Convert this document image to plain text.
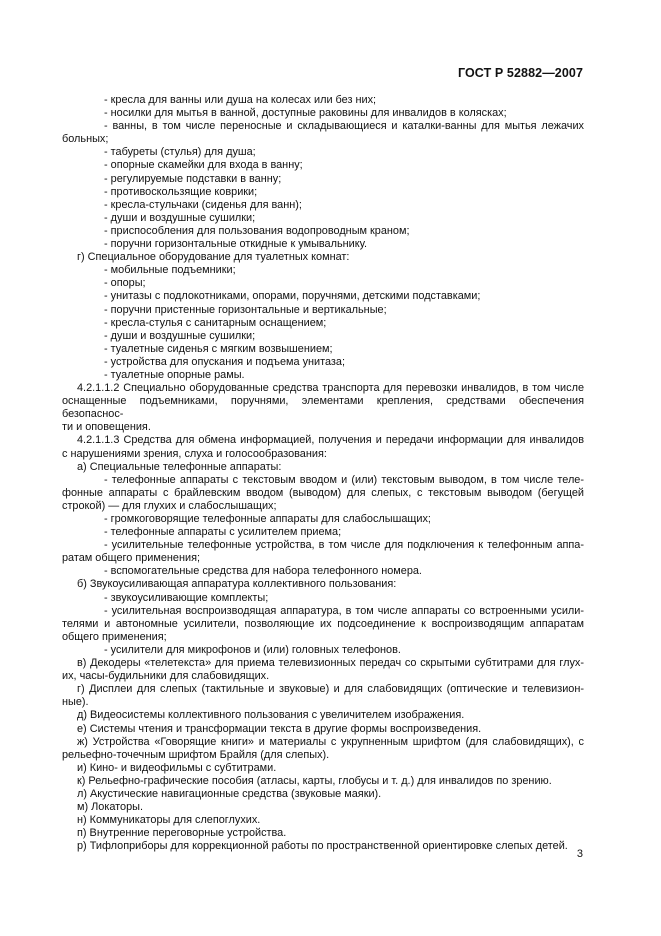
ГОСТ Р 52882—2007
- кресла для ванны или душа на колесах или без них;
- носилки для мытья в ванной, доступные раковины для инвалидов в колясках;
- ванны, в том числе переносные и складывающиеся и каталки-ванны для мытья лежачих
больных;
- табуреты (стулья) для душа;
- опорные скамейки для входа в ванну;
- регулируемые подставки в ванну;
- противоскользящие коврики;
- кресла-стульчаки (сиденья для ванн);
- души и воздушные сушилки;
- приспособления для пользования водопроводным краном;
- поручни горизонтальные откидные к умывальнику.
г) Специальное оборудование для туалетных комнат:
- мобильные подъемники;
- опоры;
- унитазы с подлокотниками, опорами, поручнями, детскими подставками;
- поручни пристенные горизонтальные и вертикальные;
- кресла-стулья с санитарным оснащением;
- души и воздушные сушилки;
- туалетные сиденья с мягким возвышением;
- устройства для опускания и подъема унитаза;
- туалетные опорные рамы.
4.2.1.1.2 Специально оборудованные средства транспорта для перевозки инвалидов, в том числе
оснащенные подъемниками, поручнями, элементами крепления, средствами обеспечения безопаснос-
ти и оповещения.
4.2.1.1.3 Средства для обмена информацией, получения и передачи информации для инвалидов
с нарушениями зрения, слуха и голосообразования:
а) Специальные телефонные аппараты:
- телефонные аппараты с текстовым вводом и (или) текстовым выводом, в том числе теле-
фонные аппараты с брайлевским вводом (выводом) для слепых, с текстовым выводом (бегущей
строкой) — для глухих и слабослышащих;
- громкоговорящие телефонные аппараты для слабослышащих;
- телефонные аппараты с усилителем приема;
- усилительные телефонные устройства, в том числе для подключения к телефонным аппа-
ратам общего применения;
- вспомогательные средства для набора телефонного номера.
б) Звукоусиливающая аппаратура коллективного пользования:
- звукоусиливающие комплекты;
- усилительная воспроизводящая аппаратура, в том числе аппараты со встроенными усили-
телями и автономные усилители, позволяющие их подсоединение к воспроизводящим аппаратам
общего применения;
- усилители для микрофонов и (или) головных телефонов.
в) Декодеры «телетекста» для приема телевизионных передач со скрытыми субтитрами для глух-
их, часы-будильники для слабовидящих.
г) Дисплеи для слепых (тактильные и звуковые) и для слабовидящих (оптические и телевизион-
ные).
д) Видеосистемы коллективного пользования с увеличителем изображения.
е) Системы чтения и трансформации текста в другие формы воспроизведения.
ж) Устройства «Говорящие книги» и материалы с укрупненным шрифтом (для слабовидящих), с
рельефно-точечным шрифтом Брайля (для слепых).
и) Кино- и видеофильмы с субтитрами.
к) Рельефно-графические пособия (атласы, карты, глобусы и т. д.) для инвалидов по зрению.
л) Акустические навигационные средства (звуковые маяки).
м) Локаторы.
н) Коммуникаторы для слепоглухих.
п) Внутренние переговорные устройства.
р) Тифлоприборы для коррекционной работы по пространственной ориентировке слепых детей.
3
